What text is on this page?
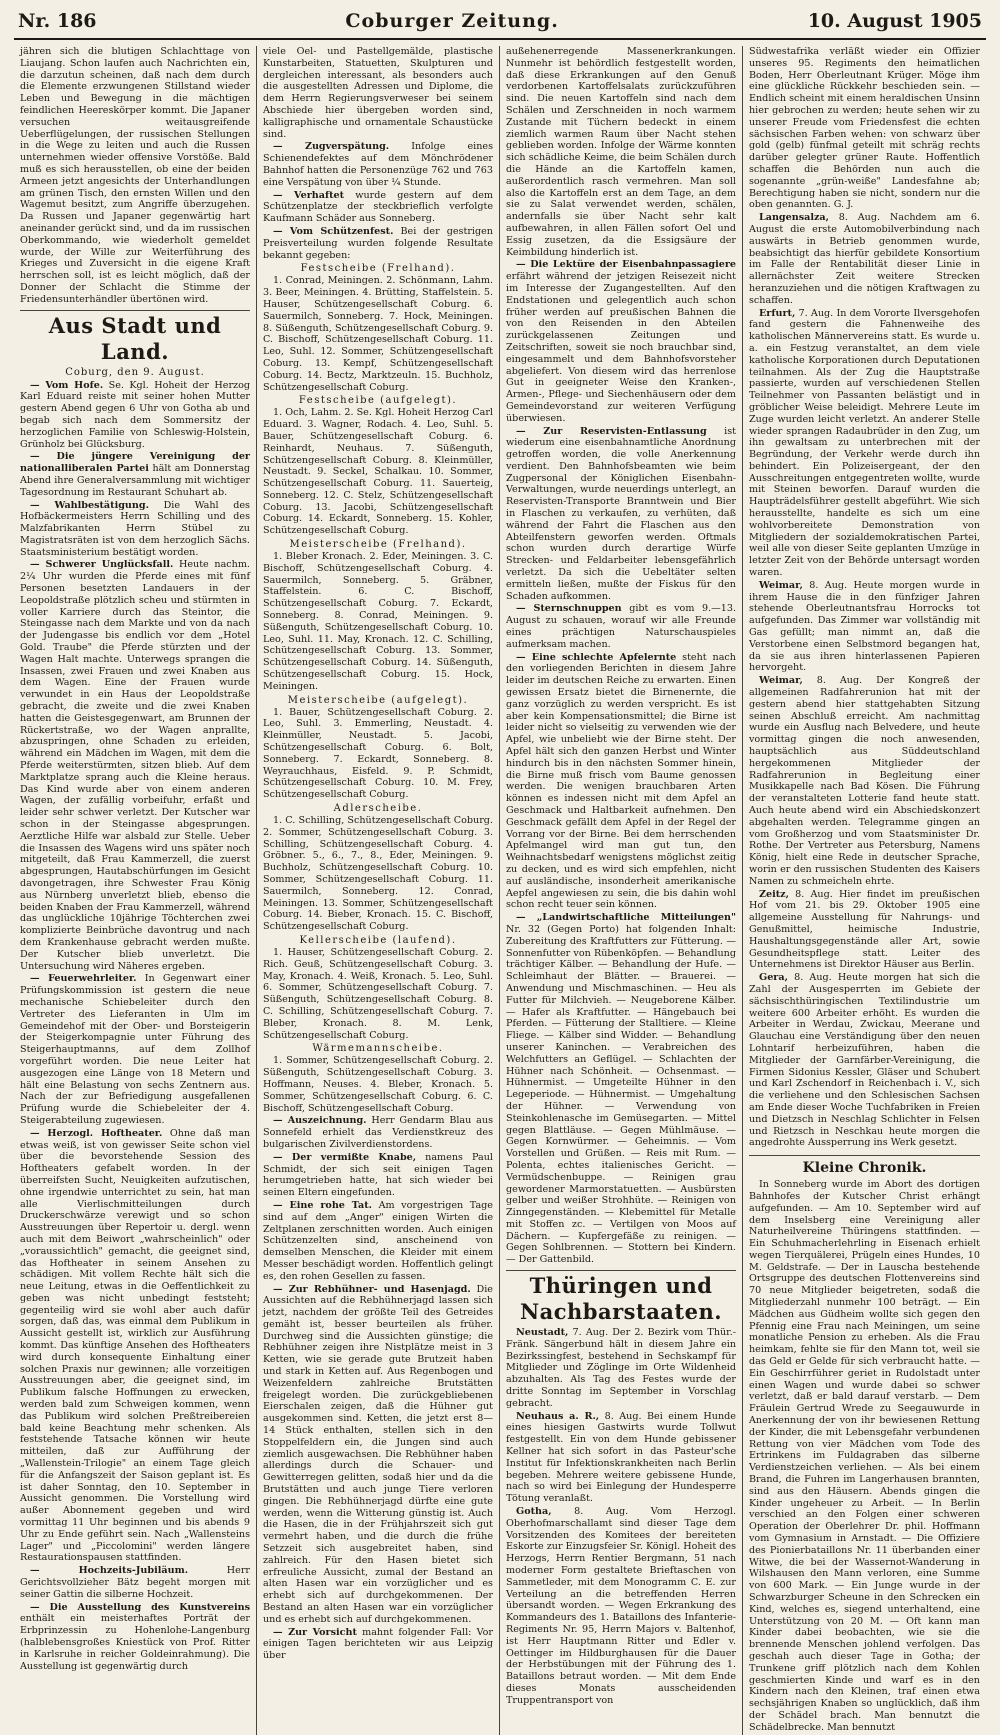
Nr. 186	Coburger Zeitung.	10. August 1905

jähren sich die blutigen Schlachttage von Liaujang. Schon laufen auch Nachrichten ein, die darzutun scheinen, daß nach dem durch die Elemente erzwungenen Stillstand wieder Leben und Bewegung in die mächtigen feindlichen Heereskörper kommt. Die Japaner versuchen weitausgreifende Ueberflügelungen, der russischen Stellungen in die Wege zu leiten und auch die Russen unternehmen wieder offensive Vorstöße. Bald muß es sich herausstellen, ob eine der beiden Armeen jetzt angesichts der Unterhandlungen am grünen Tisch, den ernsten Willen und den Wagemut besitzt, zum Angriffe überzugehen. Da Russen und Japaner gegenwärtig hart aneinander gerückt sind, und da im russischen Oberkommando, wie wiederholt gemeldet wurde, der Wille zur Weiterführung des Krieges und Zuversicht in die eigene Kraft herrschen soll, ist es leicht möglich, daß der Donner der Schlacht die Stimme der Friedensunterhändler übertönen wird.

Aus Stadt und Land.
Coburg, den 9. August.

— Vom Hofe. Se. Kgl. Hoheit der Herzog Karl Eduard reiste mit seiner hohen Mutter gestern Abend gegen 6 Uhr von Gotha ab und begab sich nach dem Sommersitz der herzoglichen Familie von Schleswig-Holstein, Grünholz bei Glücksburg.

— Die jüngere Vereinigung der nationalliberalen Partei hält am Donnerstag Abend ihre Generalversammlung mit wichtiger Tagesordnung im Restaurant Schuhart ab.

— Wahlbestätigung. Die Wahl des Hofbäckermeisters Herrn Schilling und des Malzfabrikanten Herrn Stübel zu Magistratsräten ist von dem herzoglich Sächs. Staatsministerium bestätigt worden.

— Schwerer Unglücksfall. Heute nachm. 2¼ Uhr wurden die Pferde eines mit fünf Personen besetzten Landauers in der Leopoldstraße plötzlich scheu und stürmten in voller Karriere durch das Steintor, die Steingasse nach dem Markte und von da nach der Judengasse bis endlich vor dem „Hotel Gold. Traube" die Pferde stürzten und der Wagen Halt machte. Unterwegs sprangen die Insassen, zwei Frauen und zwei Knaben aus dem Wagen. Eine der Frauen wurde verwundet in ein Haus der Leopoldstraße gebracht, die zweite und die zwei Knaben hatten die Geistesgegenwart, am Brunnen der Rückertstraße, wo der Wagen anprallte, abzuspringen, ohne Schaden zu erleiden, während ein Mädchen im Wagen, mit dem die Pferde weiterstürmten, sitzen blieb. Auf dem Marktplatze sprang auch die Kleine heraus. Das Kind wurde aber von einem anderen Wagen, der zufällig vorbeifuhr, erfaßt und leider sehr schwer verletzt. Der Kutscher war schon in der Steingasse abgesprungen. Aerztliche Hilfe war alsbald zur Stelle. Ueber die Insassen des Wagens wird uns später noch mitgeteilt, daß Frau Kammerzell, die zuerst abgesprungen, Hautabschürfungen im Gesicht davongetragen, ihre Schwester Frau König aus Nürnberg unverletzt blieb, ebenso die beiden Knaben der Frau Kammerzell, während das unglückliche 10jährige Töchterchen zwei komplizierte Beinbrüche davontrug und nach dem Krankenhause gebracht werden mußte. Der Kutscher blieb unverletzt. Die Untersuchung wird Näheres ergeben.

— Feuerwehrleiter. In Gegenwart einer Prüfungskommission ist gestern die neue mechanische Schiebeleiter durch den Vertreter des Lieferanten in Ulm im Gemeindehof mit der Ober- und Borsteigerin der Steigerkompagnie unter Führung des Steigerhauptmanns, auf dem Zollhof vorgeführt worden. Die neue Leiter hat ausgezogen eine Länge von 18 Metern und hält eine Belastung von sechs Zentnern aus. Nach der zur Befriedigung ausgefallenen Prüfung wurde die Schiebeleiter der 4. Steigerabteilung zugewiesen.

— Herzogl. Hoftheater. Ohne daß man etwas weiß, ist von gewisser Seite schon viel über die bevorstehende Session des Hoftheaters gefabelt worden. In der überreifsten Sucht, Neuigkeiten aufzutischen, ohne irgendwie unterrichtet zu sein, hat man alle Vierlischmitteilungen durch Druckerschwärze verewigt und so schon Ausstreuungen über Repertoir u. dergl. wenn auch mit dem Beiwort „wahrscheinlich" oder „voraussichtlich" gemacht, die geeignet sind, das Hoftheater in seinem Ansehen zu schädigen. Mit vollem Rechte hält sich die neue Leitung, etwas in die Oeffentlichkeit zu geben was nicht unbedingt feststeht; gegenteilig wird sie wohl aber auch dafür sorgen, daß das, was einmal dem Publikum in Aussicht gestellt ist, wirklich zur Ausführung kommt. Das künftige Ansehen des Hoftheaters wird durch konsequente Einhaltung einer solchen Praxis nur gewinnen; alle vorzeitigen Ausstreuungen aber, die geeignet sind, im Publikum falsche Hoffnungen zu erwecken, werden bald zum Schweigen kommen, wenn das Publikum wird solchen Preßtreibereien bald keine Beachtung mehr schenken. Als feststehende Tatsache können wir heute mitteilen, daß zur Aufführung der „Wallenstein-Trilogie" an einem Tage gleich für die Anfangszeit der Saison geplant ist. Es ist daher Sonntag, den 10. September in Aussicht genommen. Die Vorstellung wird außer Abonnement gegeben und wird vormittag 11 Uhr beginnen und bis abends 9 Uhr zu Ende geführt sein. Nach „Wallensteins Lager" und „Piccolomini" werden längere Restaurationspausen stattfinden.

— Hochzeits-Jubiläum.	Herr Gerichtsvollzieher Bätz begeht morgen mit seiner Gattin die silberne Hochzeit.

— Die Ausstellung des Kunstvereins enthält ein meisterhaftes Porträt der Erbprinzessin zu Hohenlohe-Langenburg (halblebensgroßes Kniestück von Prof. Ritter in Karlsruhe in reicher Goldeinrahmung). Die Ausstellung ist gegenwärtig durch

viele Oel- und Pastellgemälde, plastische Kunstarbeiten, Statuetten, Skulpturen und dergleichen interessant, als besonders auch die ausgestellten Adressen und Diplome, die dem Herrn Regierungsverweser bei seinem Abschiede hier übergeben worden sind, kalligraphische und ornamentale Schaustücke sind.

— Zugverspätung. Infolge eines Schienendefektes auf dem Mönchrödener Bahnhof hatten die Personenzüge 762 und 763 eine Verspätung von über ¼ Stunde.

— Verhaftet wurde gestern auf dem Schützenplatze der steckbrieflich verfolgte Kaufmann Schäder aus Sonneberg.

— Vom Schützenfest. Bei der gestrigen Preisverteilung wurden folgende Resultate bekannt gegeben:

Festscheibe (Frelhand).

1. Conrad, Meiningen. 2. Schönmann, Lahm. 3. Beer, Meiningen. 4. Brütting, Staffelstein. 5. Hauser, Schützengesellschaft Coburg. 6. Sauermilch, Sonneberg. 7. Hock, Meiningen. 8. Süßenguth, Schützengesellschaft Coburg. 9. C. Bischoff, Schützengesellschaft Coburg. 11. Leo, Suhl. 12. Sommer, Schützengesellschaft Coburg. 13. Kempf, Schützengesellschaft Coburg. 14. Bectz, Marktzeuln. 15. Buchholz, Schützengesellschaft Coburg.

Festscheibe (aufgelegt).

1. Och, Lahm. 2. Se. Kgl. Hoheit Herzog Carl Eduard. 3. Wagner, Rodach. 4. Leo, Suhl. 5. Bauer, Schützengesellschaft Coburg. 6. Reinhardt, Neuhaus. 7. Süßenguth, Schützengesellschaft Coburg. 8. Kleinmüller, Neustadt. 9. Seckel, Schalkau. 10. Sommer, Schützengesellschaft Coburg. 11. Sauerteig, Sonneberg. 12. C. Stelz, Schützengesellschaft Coburg. 13. Jacobi, Schützengesellschaft Coburg. 14. Eckardt, Sonneberg. 15. Kohler, Schützengesellschaft Coburg.

Meisterscheibe (Frelhand).

1. Bleber Kronach. 2. Eder, Meiningen. 3. C. Bischoff, Schützengesellschaft Coburg. 4. Sauermilch, Sonneberg. 5. Gräbner, Staffelstein. 6. C. Bischoff, Schützengesellschaft Coburg. 7. Eckardt, Sonneberg. 8. Conrad, Meiningen. 9. Süßenguth, Schützengesellschaft Coburg. 10. Leo, Suhl. 11. May, Kronach. 12. C. Schilling, Schützengesellschaft Coburg. 13. Sommer, Schützengesellschaft Coburg. 14. Süßenguth, Schützengesellschaft Coburg. 15. Hock, Meiningen.

Meisterscheibe (aufgelegt).

1. Bauer, Schützengesellschaft Coburg. 2. Leo, Suhl. 3. Emmerling, Neustadt. 4. Kleinmüller, Neustadt. 5. Jacobi, Schützengesellschaft Coburg. 6. Bolt, Sonneberg. 7. Eckardt, Sonneberg. 8. Weyrauchhaus, Eisfeld. 9. P. Schmidt, Schützengesellschaft Coburg. 10. M. Frey, Schützengesellschaft Coburg.

Adlerscheibe.

1. C. Schilling, Schützengesellschaft Coburg. 2. Sommer, Schützengesellschaft Coburg. 3. Schilling, Schützengesellschaft Coburg. 4. Gröbner. 5., 6., 7., 8., Eder, Meiningen. 9. Buchholz, Schützengesellschaft Coburg. 10. Sommer, Schützengesellschaft Coburg. 11. Sauermilch, Sonneberg. 12. Conrad, Meiningen. 13. Sommer, Schützengesellschaft Coburg. 14. Bieber, Kronach. 15. C. Bischoff, Schützengesellschaft Coburg.

Kellerscheibe (laufend).

1. Hauser, Schützengesellschaft Coburg. 2. Rich. Geuß, Schützengesellschaft Coburg. 3. May, Kronach. 4. Weiß, Kronach. 5. Leo, Suhl. 6. Sommer, Schützengesellschaft Coburg. 7. Süßenguth, Schützengesellschaft Coburg. 8. C. Schilling, Schützengesellschaft Coburg. 7. Bleber, Kronach. 8. M. Lenk, Schützengesellschaft Coburg.

Wärmemannscheibe.

1. Sommer, Schützengesellschaft Coburg. 2. Süßenguth, Schützengesellschaft Coburg. 3. Hoffmann, Neuses. 4. Bleber, Kronach. 5. Sommer, Schützengesellschaft Coburg. 6. C. Bischoff, Schützengesellschaft Coburg.

— Auszeichnung. Herr Gendarm Blau aus Sonnefeld erhielt das Verdienstkreuz des bulgarischen Zivilverdienstordens.

— Der vermißte Knabe, namens Paul Schmidt, der sich seit einigen Tagen herumgetrieben hatte, hat sich wieder bei seinen Eltern eingefunden.

— Eine rohe Tat. Am vorgestrigen Tage sind auf dem „Anger" einigen Wirten die Zeltplanen zerschnitten worden. Auch einigen Schützenzelten sind, anscheinend von demselben Menschen, die Kleider mit einem Messer beschädigt worden. Hoffentlich gelingt es, den rohen Gesellen zu fassen.

— Zur Rebhühner- und Hasenjagd. Die Aussichten auf die Rebhühnerjagd lassen sich jetzt, nachdem der größte Teil des Getreides gemäht ist, besser beurteilen als früher. Durchweg sind die Aussichten günstige; die Rebhühner zeigen ihre Nistplätze meist in 3 Ketten, wie sie gerade gute Brutzeit haben und stark in Ketten auf. Aus Regenbogen und Weizenfeldern zahlreiche Brutstätten freigelegt worden. Die zurückgebliebenen Eierschalen zeigen, daß die Hühner gut ausgekommen sind. Ketten, die jetzt erst 8—14 Stück enthalten, stellen sich in den Stoppelfeldern ein, die Jungen sind auch ziemlich ausgewachsen. Die Rebhühner haben allerdings durch die Schauer- und Gewitterregen gelitten, sodaß hier und da die Brutstätten und auch junge Tiere verloren gingen. Die Rebhühnerjagd dürfte eine gute werden, wenn die Witterung günstig ist. Auch die Hasen, die in der Frühjahrszeit sich gut vermehrt haben, und die durch die frühe Setzzeit sich ausgebreitet haben, sind zahlreich. Für den Hasen bietet sich erfreuliche Aussicht, zumal der Bestand an alten Hasen war ein vorzüglicher und es erhebt sich auf durchgekommenen. Der Bestand an alten Hasen war ein vorzüglicher und es erhebt sich auf durchgekommenen.

— Zur Vorsicht mahnt folgender Fall: Vor einigen Tagen berichteten wir aus Leipzig über

außehenerregende Massenerkrankungen. Nunmehr ist behördlich festgestellt worden, daß diese Erkrankungen auf den Genuß verdorbenen Kartoffelsalats zurückzuführen sind. Die neuen Kartoffeln sind nach dem Schälen und Zerschneiden in noch warmem Zustande mit Tüchern bedeckt in einem ziemlich warmen Raum über Nacht stehen geblieben worden. Infolge der Wärme konnten sich schädliche Keime, die beim Schälen durch die Hände an die Kartoffeln kamen, außerordentlich rasch vermehren. Man soll also die Kartoffeln erst an dem Tage, an dem sie zu Salat verwendet werden, schälen, andernfalls sie über Nacht sehr kalt aufbewahren, in allen Fällen sofort Oel und Essig zusetzen, da die Essigsäure der Keimbildung hinderlich ist.

— Die Lektüre der Eisenbahnpassagiere erfährt während der jetzigen Reisezeit nicht im Interesse der Zugangestellten. Auf den Endstationen und gelegentlich auch schon früher werden auf preußischen Bahnen die von den Reisenden in den Abteilen zurückgelassenen Zeitungen und Zeitschriften, soweit sie noch brauchbar sind, eingesammelt und dem Bahnhofsvorsteher abgeliefert. Von diesem wird das herrenlose Gut in geeigneter Weise den Kranken-, Armen-, Pflege- und Siechenhäusern oder dem Gemeindevorstand zur weiteren Verfügung überwiesen.

— Zur Reservisten-Entlassung ist wiederum eine eisenbahnamtliche Anordnung getroffen worden, die volle Anerkennung verdient. Den Bahnhofsbeamten wie beim Zugpersonal der Königlichen Eisenbahn-Verwaltungen, wurde neuerdings unterlegt, an Reservisten-Transporte Branntwein und Bier in Flaschen zu verkaufen, zu verhüten, daß während der Fahrt die Flaschen aus den Abteilfenstern geworfen werden. Oftmals schon wurden durch derartige Würfe Strecken- und Feldarbeiter lebensgefährlich verletzt. Da sich die Uebeltäter selten ermitteln ließen, mußte der Fiskus für den Schaden aufkommen.

— Sternschnuppen gibt es vom 9.—13. August zu schauen, worauf wir alle Freunde eines prächtigen Naturschauspieles aufmerksam machen.

— Eine schlechte Apfelernte steht nach den vorliegenden Berichten in diesem Jahre leider im deutschen Reiche zu erwarten. Einen gewissen Ersatz bietet die Birnenernte, die ganz vorzüglich zu werden verspricht. Es ist aber kein Kompensationsmittel; die Birne ist leider nicht so vielseitig zu verwenden wie der Apfel, wie unbeliebt wie der Birne steht. Der Apfel hält sich den ganzen Herbst und Winter hindurch bis in den nächsten Sommer hinein, die Birne muß frisch vom Baume genossen werden. Die wenigen brauchbaren Arten können es indessen nicht mit dem Apfel an Geschmack und Haltbarkeit aufnehmen. Den Geschmack gefällt dem Apfel in der Regel der Vorrang vor der Birne. Bei dem herrschenden Apfelmangel wird man gut tun, den Weihnachtsbedarf wenigstens möglichst zeitig zu decken, und es wird sich empfehlen, nicht auf ausländische, insonderheit amerikanische Aepfel angewiesen zu sein, die bis dahin wohl schon recht teuer sein können.

— „Landwirtschaftliche Mitteilungen" Nr. 32 (Gegen Porto) hat folgenden Inhalt: Zubereitung des Kraftfutters zur Fütterung. — Sonnenfutter von Rübenköpfen. — Behandlung trächtiger Kälber. — Behandlung der Hufe. — Schleimhaut der Blätter. — Brauerei. — Anwendung und Mischmaschinen. — Heu als Futter für Milchvieh. — Neugeborene Kälber. — Hafer als Kraftfutter. — Hängebauch bei Pferden. — Fütterung der Stalltiere. — Kleine Fliege. — Kälber sind Widder. — Behandlung unserer Kaninchen. — Verabreichen des Welchfutters an Geflügel. — Schlachten der Hühner nach Schönheit. — Ochsenmast. — Hühnermist. — Umgeteilte Hühner in den Legeperiode. — Hühnermist. — Umgehaltung der Hühner. — Verwendung von Steinkohlenasche im Gemüsegarten. — Mittel gegen Blattläuse. — Gegen Mühlmäuse. — Gegen Kornwürmer. — Geheimnis. — Vom Vorstellen und Grüßen. — Reis mit Rum. — Polenta, echtes italienisches Gericht. — Vermüdschenbuppe. — Reinigen grau gewordener Marmorstatuetten. — Ausbürsten gelber und weißer Strohhüte. — Reinigen von Zinngegenständen. — Klebemittel für Metalle mit Stoffen zc. — Vertilgen von Moos auf Dächern. — Kupfergefäße zu reinigen. — Gegen Sohlbrennen. — Stottern bei Kindern. — Der Gattenbild.

Thüringen und Nachbarstaaten.

Neustadt, 7. Aug. Der 2. Bezirk vom Thür.-Fränk. Sängerbund hält in diesem Jahre ein Bezirkssingfest, bestehend in Sechskampf für Mitglieder und Zöglinge im Orte Wildenheid abzuhalten. Als Tag des Festes wurde der dritte Sonntag im September in Vorschlag gebracht.

Neuhaus a. R., 8. Aug. Bei einem Hunde eines hiesigen Gastwirts wurde Tollwut festgestellt. Ein von dem Hunde gebissener Kellner hat sich sofort in das Pasteur'sche Institut für Infektionskrankheiten nach Berlin begeben. Mehrere weitere gebissene Hunde, nach so wird bei Einlegung der Hundesperre Tötung veranlaßt.

Gotha, 8. Aug. Vom Herzogl. Oberhofmarschallamt sind dieser Tage dem Vorsitzenden des Komitees der bereiteten Eskorte zur Einzugsfeier Sr. Königl. Hoheit des Herzogs, Herrn Rentier Bergmann, 51 nach moderner Form gestaltete Brieftaschen von Sammetleder, mit dem Monogramm C. E. zur Verteilung an die betreffenden Herren übersandt worden. — Wegen Erkrankung des Kommandeurs des 1. Bataillons des Infanterie-Regiments Nr. 95, Herrn Majors v. Baltenhof, ist Herr Hauptmann Ritter und Edler v. Oettinger im Hildburghausen für die Dauer der Herbstübungen mit der Führung des 1. Bataillons betraut worden. — Mit dem Ende dieses Monats ausscheidenden Truppentransport von

Südwestafrika verläßt wieder ein Offizier unseres 95. Regiments den heimatlichen Boden, Herr Oberleutnant Krüger. Möge ihm eine glückliche Rückkehr beschieden sein. — Endlich scheint mit einem heraldischen Unsinn hier gebrochen zu werden; heute sehen wir zu unserer Freude vom Friedensfest die echten sächsischen Farben wehen: von schwarz über gold (gelb) fünfmal geteilt mit schräg rechts darüber gelegter grüner Raute. Hoffentlich schaffen die Behörden nun auch die sogenannte „grün-weiße" Landesfahne ab; Berechtigung haben sie nicht, sondern nur die oben genannten. G. J.

Langensalza, 8. Aug. Nachdem am 6. August die erste Automobilverbindung nach auswärts in Betrieb genommen wurde, beabsichtigt das hierfür gebildete Konsortium im Falle der Rentabilität dieser Linie in allernächster Zeit weitere Strecken heranzuziehen und die nötigen Kraftwagen zu schaffen.

Erfurt, 7. Aug. In dem Vororte Ilversgehofen fand gestern die Fahnenweihe des katholischen Männervereins statt. Es wurde u. a. ein Festzug veranstaltet, an dem viele katholische Korporationen durch Deputationen teilnahmen. Als der Zug die Hauptstraße passierte, wurden auf verschiedenen Stellen Teilnehmer von Passanten belästigt und in gröblicher Weise beleidigt. Mehrere Leute im Zuge wurden leicht verletzt. An anderer Stelle wieder sprangen Radaubrüder in den Zug, um ihn gewaltsam zu unterbrechen mit der Begründung, der Verkehr werde durch ihn behindert. Ein Polizeisergeant, der den Ausschreitungen entgegentreten wollte, wurde mit Steinen beworfen. Darauf wurden die Haupträdelsführer gestellt abgeführt. Wie sich herausstellte, handelte es sich um eine wohlvorbereitete Demonstration von Mitgliedern der sozialdemokratischen Partei, weil alle von dieser Seite geplanten Umzüge in letzter Zeit von der Behörde untersagt worden waren.

Weimar, 8. Aug. Heute morgen wurde in ihrem Hause die in den fünfziger Jahren stehende Oberleutnantsfrau Horrocks tot aufgefunden. Das Zimmer war vollständig mit Gas gefüllt; man nimmt an, daß die Verstorbene einen Selbstmord begangen hat, da sie aus ihren hinterlassenen Papieren hervorgeht.

Weimar, 8. Aug. Der Kongreß der allgemeinen Radfahrerunion hat mit der gestern abend hier stattgehabten Sitzung seinen Abschluß erreicht. Am nachmittag wurde ein Ausflug nach Belvedere, und heute vormittag gingen die noch anwesenden, hauptsächlich aus Süddeutschland hergekommenen Mitglieder der Radfahrerunion in Begleitung einer Musikkapelle nach Bad Kösen. Die Führung der veranstalteten Lotterie fand heute statt. Auch heute abend wird ein Abschiedskonzert abgehalten werden. Telegramme gingen an vom Großherzog und vom Staatsminister Dr. Rothe. Der Vertreter aus Petersburg, Namens König, hielt eine Rede in deutscher Sprache, worin er den russischen Studenten des Kaisers Namen zu schmeicheln ehrte.

Zeitz, 8. Aug. Hier findet im preußischen Hof vom 21. bis 29. Oktober 1905 eine allgemeine Ausstellung für Nahrungs- und Genußmittel, heimische Industrie, Haushaltungsgegenstände aller Art, sowie Gesundheitspflege statt. Leiter des Unternehmens ist Direktor Häuser aus Berlin.

Gera, 8. Aug. Heute morgen hat sich die Zahl der Ausgesperrten im Gebiete der sächsischthüringischen Textilindustrie um weitere 600 Arbeiter erhöht. Es wurden die Arbeiter in Werdau, Zwickau, Meerane und Glauchau eine Verständigung über den neuen Lohntarif herbeizuführen, haben die Mitglieder der Garnfärber-Vereinigung, die Firmen Sidonius Kessler, Gläser und Schubert und Karl Zschendorf in Reichenbach i. V., sich die verliehene und den Schlesischen Sachsen am Ende dieser Woche Tuchfabriken in Freien und Dietzsch in Neschlag Schlichter in Felsen und Rietzsch in Neschkau heute morgen die angedrohte Aussperrung ins Werk gesetzt.

Kleine Chronik.

In Sonneberg wurde im Abort des dortigen Bahnhofes der Kutscher Christ erhängt aufgefunden. — Am 10. September wird auf dem Inselsberg eine Vereinigung aller Naturheilvereine Thüringens stattfinden. — Ein Schuhmacherlehrling in Eisenach erhielt wegen Tierquälerei, Prügeln eines Hundes, 10 M. Geldstrafe. — Der in Lauscha bestehende Ortsgruppe des deutschen Flottenvereins sind 70 neue Mitglieder beigetreten, sodaß die Mitgliederzahl nunmehr 100 beträgt. — Ein Mädchen aus Güdheim wollte sich gegen den Pfennig eine Frau nach Meiningen, um seine monatliche Pension zu erheben. Als die Frau heimkam, fehlte sie für den Mann tot, weil sie das Geld er Gelde für sich verbraucht hatte. — Ein Geschirrführer geriet in Rudolstadt unter einen Wagen und wurde dabei so schwer verletzt, daß er bald darauf verstarb. — Dem Fräulein Gertrud Wrede zu Seegauwurde in Anerkennung der von ihr bewiesenen Rettung der Kinder, die mit Lebensgefahr verbundenen Rettung von vier Mädchen vom Tode des Ertrinkens im Fuldagraben das silberne Verdienstzeichen verliehen. — Als bei einem Brand, die Fuhren im Langerhausen brannten, sind aus den Häusern. Abends gingen die Kinder ungeheuer zu Arbeit. — In Berlin verschied an den Folgen einer schweren Operation der Oberlehrer Dr. phil. Hoffmann vom Gymnasium in Arnstadt. — Die Offiziere des Pionierbataillons Nr. 11 überbanden einer Witwe, die bei der Wassernot-Wanderung in Wilshausen den Mann verloren, eine Summe von 600 Mark. — Ein Junge wurde in der Schwarzburger Scheune in den Schrecken ein Kind, welches es, siegend unterhaltend, eine Unterstützung von 20 M. — Oft kann man Kinder dabei beobachten, wie sie die brennende Menschen johlend verfolgen. Das geschah auch dieser Tage in Gotha; der Trunkene griff plötzlich nach dem Kohlen geschmierten Kinde und warf es in den Kindern nach den Kleinen, traf einen etwa sechsjährigen Knaben so unglücklich, daß ihm der Schädel brach. Man bennutzt die Schädelbrecke. Man bennutzt
